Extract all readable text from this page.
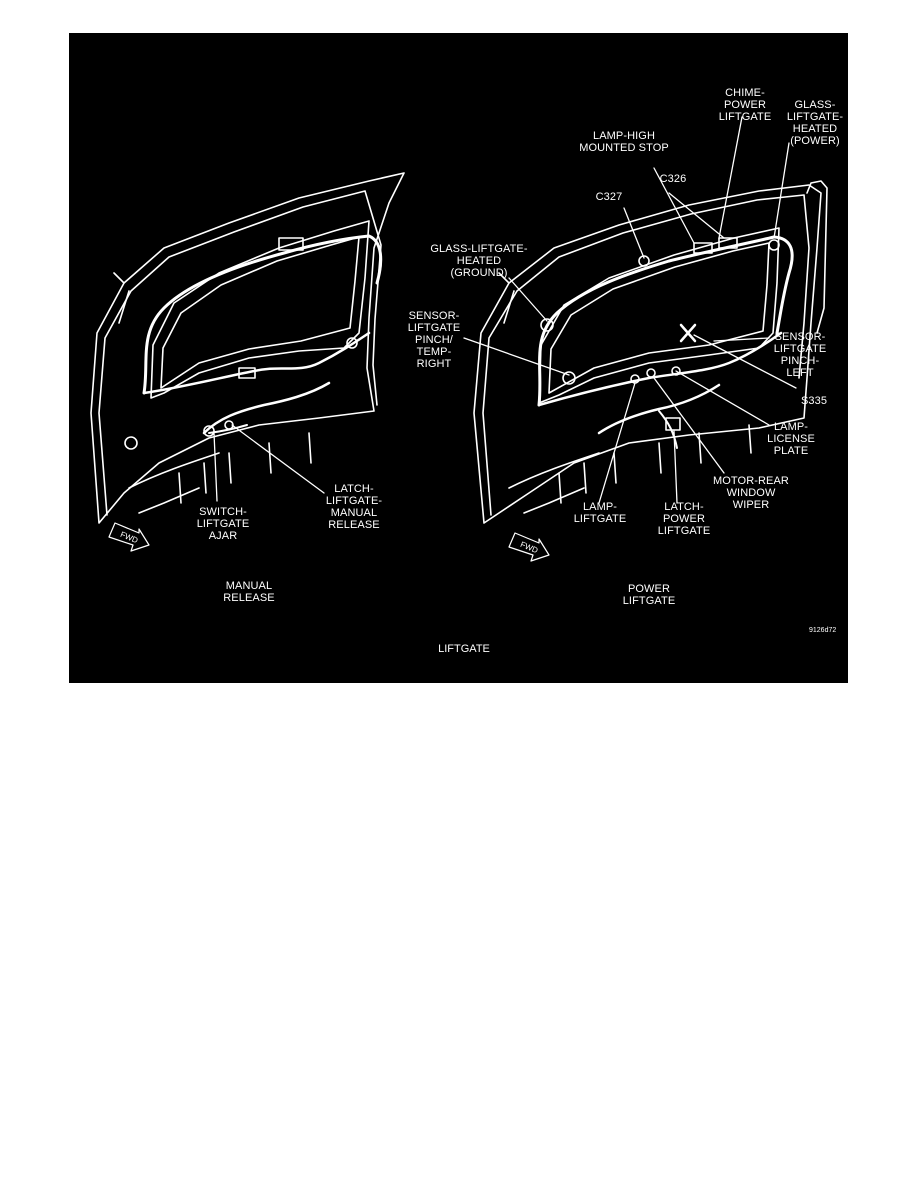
SWITCH-
LIFTGATE
AJAR
LATCH-
LIFTGATE-
MANUAL
RELEASE
MANUAL
RELEASE
CHIME-
POWER
LIFTGATE
GLASS-
LIFTGATE-
HEATED
(POWER)
LAMP-HIGH
MOUNTED STOP
C326
C327
GLASS-LIFTGATE-
HEATED
(GROUND)
SENSOR-
LIFTGATE
PINCH/
TEMP-
RIGHT
SENSOR-
LIFTGATE
PINCH-
LEFT
S335
LAMP-
LICENSE
PLATE
MOTOR-REAR
WINDOW
WIPER
LAMP-
LIFTGATE
LATCH-
POWER
LIFTGATE
POWER
LIFTGATE
FWD
FWD
9126d72
LIFTGATE
